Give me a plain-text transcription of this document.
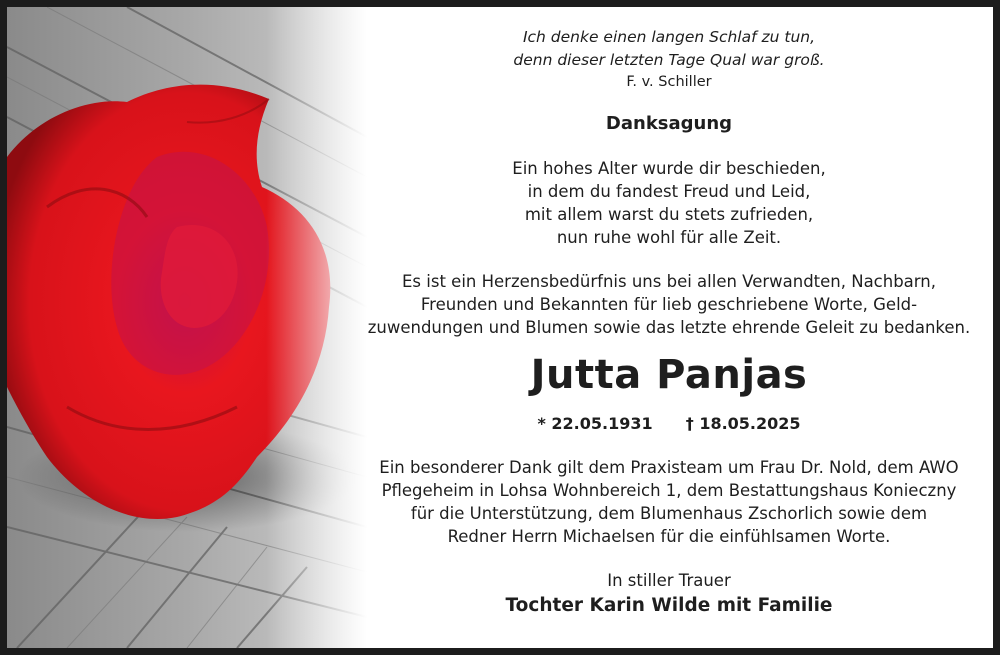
Ich denke einen langen Schlaf zu tun,
denn dieser letzten Tage Qual war groß.
F. v. Schiller
Danksagung
Ein hohes Alter wurde dir beschieden,
in dem du fandest Freud und Leid,
mit allem warst du stets zufrieden,
nun ruhe wohl für alle Zeit.
Es ist ein Herzensbedürfnis uns bei allen Verwandten, Nachbarn,
Freunden und Bekannten für lieb geschriebene Worte, Geld-
zuwendungen und Blumen sowie das letzte ehrende Geleit zu bedanken.
Jutta Panjas
* 22.05.1931 † 18.05.2025
Ein besonderer Dank gilt dem Praxisteam um Frau Dr. Nold, dem AWO
Pflegeheim in Lohsa Wohnbereich 1, dem Bestattungshaus Konieczny
für die Unterstützung, dem Blumenhaus Zschorlich sowie dem
Redner Herrn Michaelsen für die einfühlsamen Worte.
In stiller Trauer
Tochter Karin Wilde mit Familie
